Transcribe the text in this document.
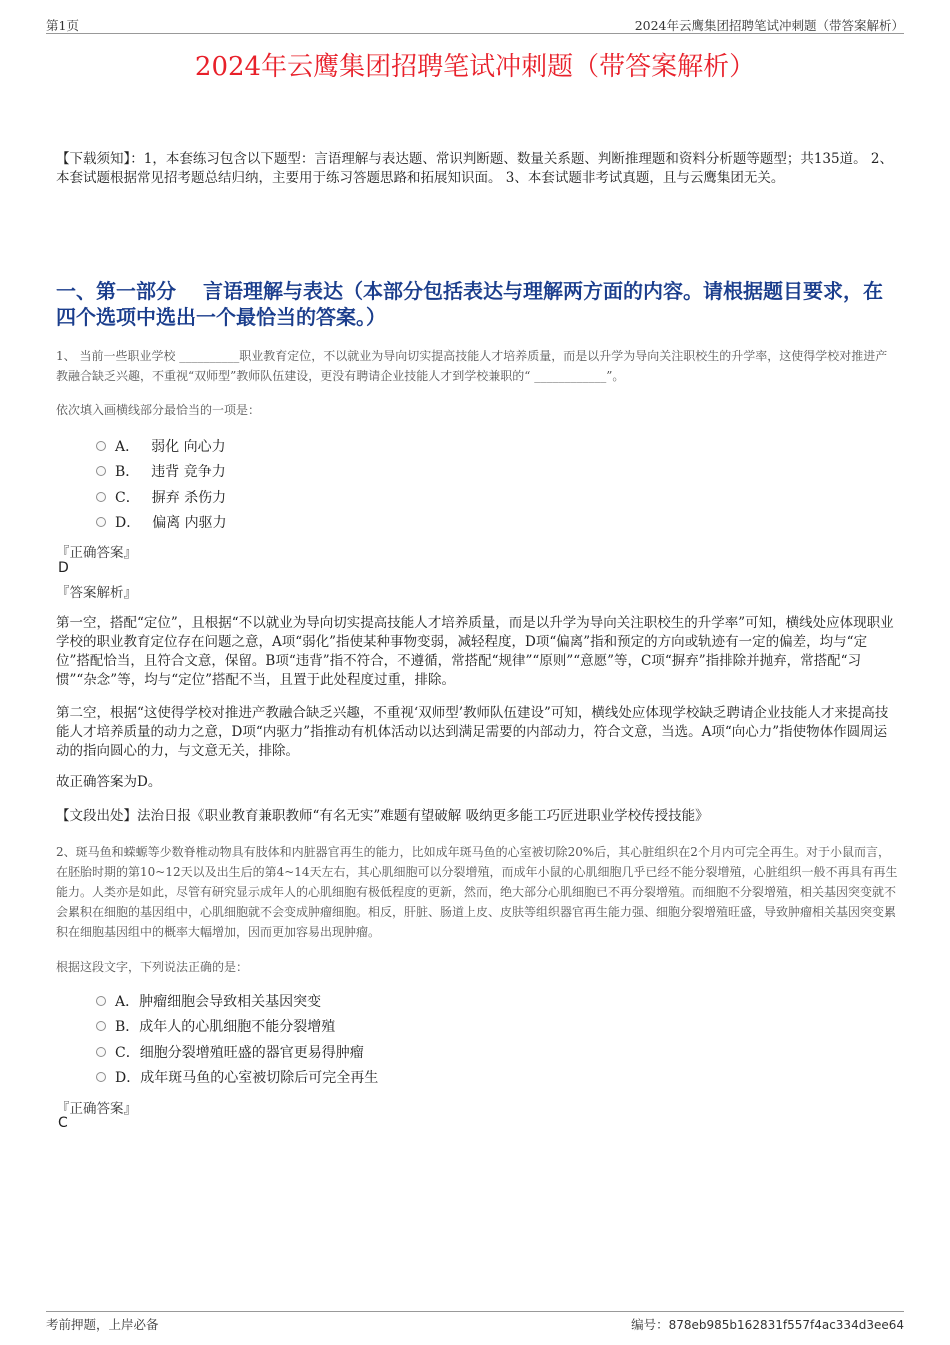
第1页	2024年云鹰集团招聘笔试冲刺题（带答案解析）
2024年云鹰集团招聘笔试冲刺题（带答案解析）

【下载须知】：1，本套练习包含以下题型：言语理解与表达题、常识判断题、数量关系题、判断推理题和资料分析题等题型；共135道。 2、本套试题根据常见招考题总结归纳，主要用于练习答题思路和拓展知识面。 3、本套试题非考试真题，且与云鹰集团无关。

一、第一部分　 言语理解与表达（本部分包括表达与理解两方面的内容。请根据题目要求，在四个选项中选出一个最恰当的答案。）

1、 当前一些职业学校 __________职业教育定位，不以就业为导向切实提高技能人才培养质量，而是以升学为导向关注职校生的升学率，这使得学校对推进产教融合缺乏兴趣，不重视“双师型”教师队伍建设，更没有聘请企业技能人才到学校兼职的“ ____________”。

依次填入画横线部分最恰当的一项是：

A． 弱化 向心力
B． 违背 竞争力
C． 摒弃 杀伤力
D． 偏离 内驱力
『正确答案』
D
『答案解析』

第一空，搭配“定位”，且根据“不以就业为导向切实提高技能人才培养质量，而是以升学为导向关注职校生的升学率”可知，横线处应体现职业学校的职业教育定位存在问题之意，A项“弱化”指使某种事物变弱，减轻程度，D项“偏离”指和预定的方向或轨迹有一定的偏差，均与“定位”搭配恰当，且符合文意，保留。B项“违背”指不符合，不遵循，常搭配“规律”“原则”“意愿”等，C项“摒弃”指排除并抛弃，常搭配“习惯”“杂念”等，均与“定位”搭配不当，且置于此处程度过重，排除。

第二空，根据“这使得学校对推进产教融合缺乏兴趣，不重视‘双师型’教师队伍建设”可知，横线处应体现学校缺乏聘请企业技能人才来提高技能人才培养质量的动力之意，D项“内驱力”指推动有机体活动以达到满足需要的内部动力，符合文意，当选。A项“向心力”指使物体作圆周运动的指向圆心的力，与文意无关，排除。

故正确答案为D。

【文段出处】法治日报《职业教育兼职教师“有名无实”难题有望破解 吸纳更多能工巧匠进职业学校传授技能》

2、斑马鱼和蝾螈等少数脊椎动物具有肢体和内脏器官再生的能力，比如成年斑马鱼的心室被切除20%后，其心脏组织在2个月内可完全再生。对于小鼠而言，在胚胎时期的第10~12天以及出生后的第4~14天左右，其心肌细胞可以分裂增殖，而成年小鼠的心肌细胞几乎已经不能分裂增殖，心脏组织一般不再具有再生能力。人类亦是如此，尽管有研究显示成年人的心肌细胞有极低程度的更新，然而，绝大部分心肌细胞已不再分裂增殖。而细胞不分裂增殖，相关基因突变就不会累积在细胞的基因组中，心肌细胞就不会变成肿瘤细胞。相反，肝脏、肠道上皮、皮肤等组织器官再生能力强、细胞分裂增殖旺盛，导致肿瘤相关基因突变累积在细胞基因组中的概率大幅增加，因而更加容易出现肿瘤。

根据这段文字，下列说法正确的是：

A． 肿瘤细胞会导致相关基因突变
B． 成年人的心肌细胞不能分裂增殖
C． 细胞分裂增殖旺盛的器官更易得肿瘤
D． 成年斑马鱼的心室被切除后可完全再生
『正确答案』
C
考前押题，上岸必备	编号：878eb985b162831f557f4ac334d3ee64
